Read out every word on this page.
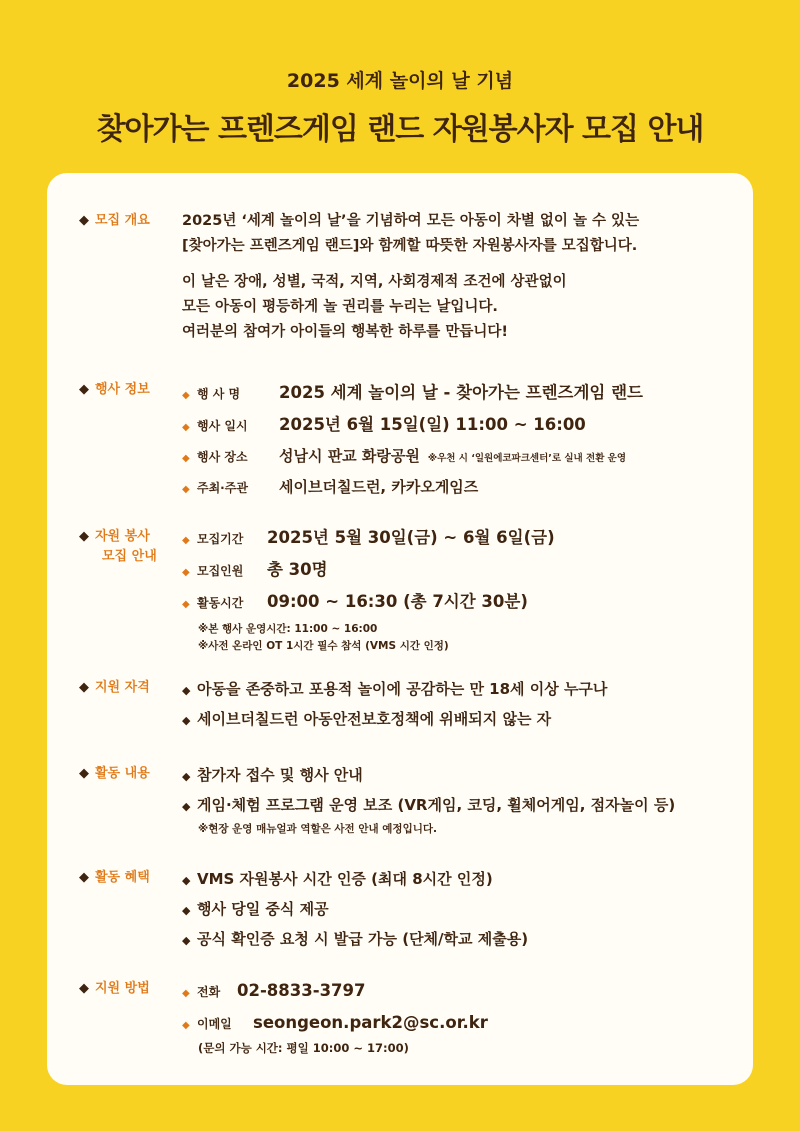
2025 세계 놀이의 날 기념
찾아가는 프렌즈게임 랜드 자원봉사자 모집 안내
◆ 모집 개요	2025년 ‘세계 놀이의 날’을 기념하여 모든 아동이 차별 없이 놀 수 있는
[찾아가는 프렌즈게임 랜드]와 함께할 따뜻한 자원봉사자를 모집합니다.
이 날은 장애, 성별, 국적, 지역, 사회경제적 조건에 상관없이
모든 아동이 평등하게 놀 권리를 누리는 날입니다.
여러분의 참여가 아이들의 행복한 하루를 만듭니다!
◆ 행사 정보	◆ 행 사 명	2025 세계 놀이의 날 - 찾아가는 프렌즈게임 랜드
◆ 행사 일시	2025년 6월 15일(일) 11:00 ~ 16:00
◆ 행사 장소	성남시 판교 화랑공원 ※우천 시 ‘일원에코파크센터’로 실내 전환 운영
◆ 주최·주관	세이브더칠드런, 카카오게임즈
◆ 자원 봉사
모집 안내
◆ 모집기간	2025년 5월 30일(금) ~ 6월 6일(금)
◆ 모집인원	총 30명
◆ 활동시간	09:00 ~ 16:30 (총 7시간 30분)
※본 행사 운영시간: 11:00 ~ 16:00
※사전 온라인 OT 1시간 필수 참석 (VMS 시간 인정)
◆ 지원 자격	◆ 아동을 존중하고 포용적 놀이에 공감하는 만 18세 이상 누구나
◆ 세이브더칠드런 아동안전보호정책에 위배되지 않는 자
◆ 활동 내용	◆ 참가자 접수 및 행사 안내
◆ 게임·체험 프로그램 운영 보조 (VR게임, 코딩, 휠체어게임, 점자놀이 등)
※현장 운영 매뉴얼과 역할은 사전 안내 예정입니다.
◆ 활동 혜택	◆ VMS 자원봉사 시간 인증 (최대 8시간 인정)
◆ 행사 당일 중식 제공
◆ 공식 확인증 요청 시 발급 가능 (단체/학교 제출용)
◆ 지원 방법	◆ 전화	02-8833-3797
◆ 이메일	seongeon.park2@sc.or.kr
(문의 가능 시간: 평일 10:00 ~ 17:00)
